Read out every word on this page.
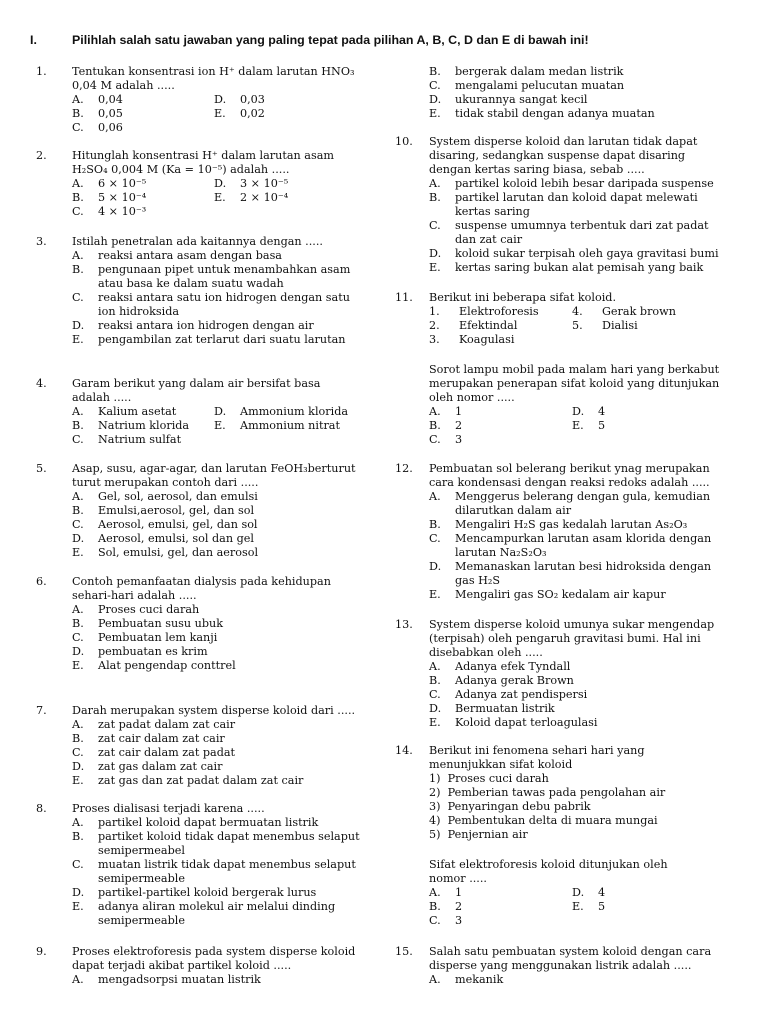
I.	Pilihlah salah satu jawaban yang paling tepat pada pilihan A, B, C, D dan E di bawah ini!
1. Tentukan konsentrasi ion H⁺ dalam larutan HNO₃
0,04 M adalah .....
A. 0,04	D. 0,03
B. 0,05	E. 0,02
C. 0,06
2. Hitunglah konsentrasi H⁺ dalam larutan asam
H₂SO₄ 0,004 M (Ka = 10⁻⁵) adalah .....
A. 6 × 10⁻⁵	D. 3 × 10⁻⁵
B. 5 × 10⁻⁴	E. 2 × 10⁻⁴
C. 4 × 10⁻³
3. Istilah penetralan ada kaitannya dengan .....
A. reaksi antara asam dengan basa
B. pengunaan pipet untuk menambahkan asam
atau basa ke dalam suatu wadah
C. reaksi antara satu ion hidrogen dengan satu
ion hidroksida
D. reaksi antara ion hidrogen dengan air
E. pengambilan zat terlarut dari suatu larutan
4. Garam berikut yang dalam air bersifat basa
adalah .....
A. Kalium asetat	D. Ammonium klorida
B. Natrium klorida E. Ammonium nitrat
C. Natrium sulfat
5. Asap, susu, agar-agar, dan larutan FeOH₃berturut
turut merupakan contoh dari .....
A. Gel, sol, aerosol, dan emulsi
B. Emulsi,aerosol, gel, dan sol
C. Aerosol, emulsi, gel, dan sol
D. Aerosol, emulsi, sol dan gel
E. Sol, emulsi, gel, dan aerosol
6. Contoh pemanfaatan dialysis pada kehidupan
sehari-hari adalah .....
A. Proses cuci darah
B. Pembuatan susu ubuk
C. Pembuatan lem kanji
D. pembuatan es krim
E. Alat pengendap conttrel
7. Darah merupakan system disperse koloid dari .....
A. zat padat dalam zat cair
B. zat cair dalam zat cair
C. zat cair dalam zat padat
D. zat gas dalam zat cair
E. zat gas dan zat padat dalam zat cair
8. Proses dialisasi terjadi karena .....
A. partikel koloid dapat bermuatan listrik
B. partiket koloid tidak dapat menembus selaput
semipermeabel
C. muatan listrik tidak dapat menembus selaput
semipermeable
D. partikel-partikel koloid bergerak lurus
E. adanya aliran molekul air melalui dinding
semipermeable
9. Proses elektroforesis pada system disperse koloid
dapat terjadi akibat partikel koloid .....
A. mengadsorpsi muatan listrik
B. bergerak dalam medan listrik
C. mengalami pelucutan muatan
D. ukurannya sangat kecil
E. tidak stabil dengan adanya muatan
10. System disperse koloid dan larutan tidak dapat
disaring, sedangkan suspense dapat disaring
dengan kertas saring biasa, sebab .....
A. partikel koloid lebih besar daripada suspense
B. partikel larutan dan koloid dapat melewati
kertas saring
C. suspense umumnya terbentuk dari zat padat
dan zat cair
D. koloid sukar terpisah oleh gaya gravitasi bumi
E. kertas saring bukan alat pemisah yang baik
11. Berikut ini beberapa sifat koloid.
1. Elektroforesis	4. Gerak brown
2. Efektindal	5. Dialisi
3. Koagulasi
Sorot lampu mobil pada malam hari yang berkabut
merupakan penerapan sifat koloid yang ditunjukan
oleh nomor .....
A. 1	D. 4
B. 2	E. 5
C. 3
12. Pembuatan sol belerang berikut ynag merupakan
cara kondensasi dengan reaksi redoks adalah .....
A. Menggerus belerang dengan gula, kemudian
dilarutkan dalam air
B. Mengaliri H₂S gas kedalah larutan As₂O₃
C. Mencampurkan larutan asam klorida dengan
larutan Na₂S₂O₃
D. Memanaskan larutan besi hidroksida dengan
gas H₂S
E. Mengaliri gas SO₂ kedalam air kapur
13. System disperse koloid umunya sukar mengendap
(terpisah) oleh pengaruh gravitasi bumi. Hal ini
disebabkan oleh .....
A. Adanya efek Tyndall
B. Adanya gerak Brown
C. Adanya zat pendispersi
D. Bermuatan listrik
E. Koloid dapat terloagulasi
14. Berikut ini fenomena sehari hari yang
menunjukkan sifat koloid
1)  Proses cuci darah
2)  Pemberian tawas pada pengolahan air
3)  Penyaringan debu pabrik
4)  Pembentukan delta di muara mungai
5)  Penjernian air
Sifat elektroforesis koloid ditunjukan oleh
nomor .....
A. 1	D. 4
B. 2	E. 5
C. 3
15. Salah satu pembuatan system koloid dengan cara
disperse yang menggunakan listrik adalah .....
A. mekanik
